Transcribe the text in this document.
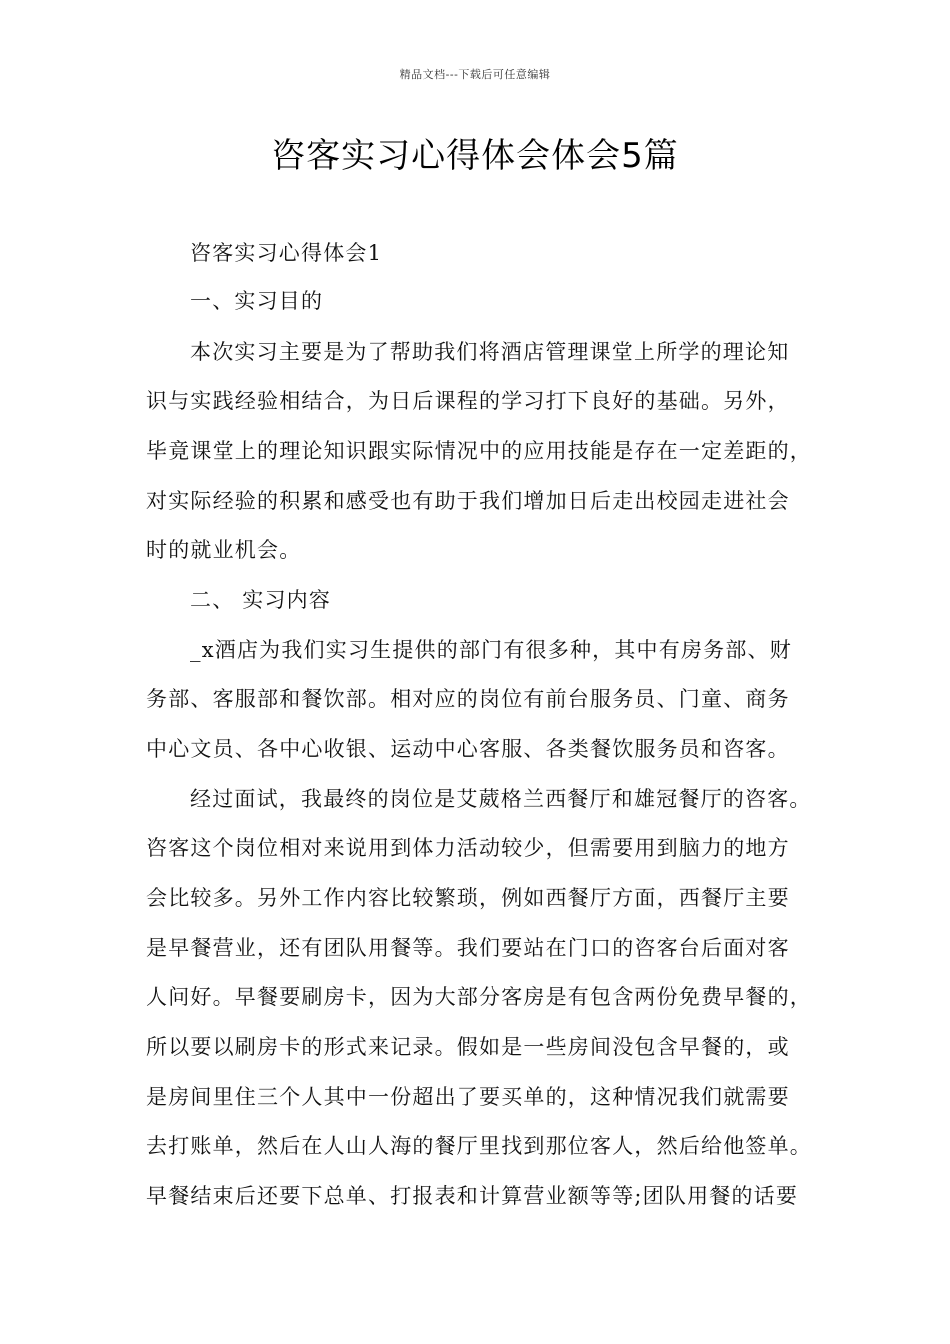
精品文档---下载后可任意编辑
咨客实习心得体会体会5篇
咨客实习心得体会1
一、实习目的
本次实习主要是为了帮助我们将酒店管理课堂上所学的理论知
识与实践经验相结合，为日后课程的学习打下良好的基础。另外，
毕竟课堂上的理论知识跟实际情况中的应用技能是存在一定差距的，
对实际经验的积累和感受也有助于我们增加日后走出校园走进社会
时的就业机会。
二、 实习内容
_x酒店为我们实习生提供的部门有很多种，其中有房务部、财
务部、客服部和餐饮部。相对应的岗位有前台服务员、门童、商务
中心文员、各中心收银、运动中心客服、各类餐饮服务员和咨客。
经过面试，我最终的岗位是艾葳格兰西餐厅和雄冠餐厅的咨客。
咨客这个岗位相对来说用到体力活动较少，但需要用到脑力的地方
会比较多。另外工作内容比较繁琐，例如西餐厅方面，西餐厅主要
是早餐营业，还有团队用餐等。我们要站在门口的咨客台后面对客
人问好。早餐要刷房卡，因为大部分客房是有包含两份免费早餐的，
所以要以刷房卡的形式来记录。假如是一些房间没包含早餐的，或
是房间里住三个人其中一份超出了要买单的，这种情况我们就需要
去打账单，然后在人山人海的餐厅里找到那位客人，然后给他签单。
早餐结束后还要下总单、打报表和计算营业额等等;团队用餐的话要
